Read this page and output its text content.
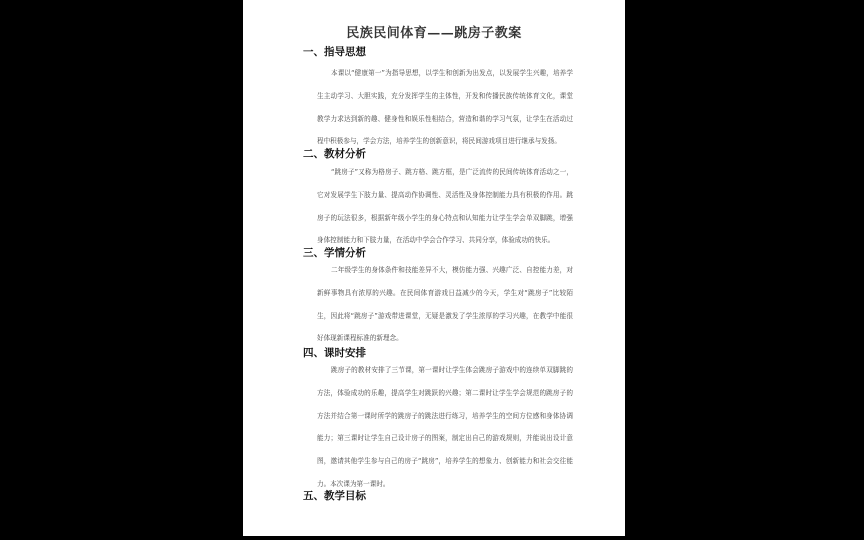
民族民间体育——跳房子教案
一、指导思想

本课以“健康第一”为指导思想，以学生和创新为出发点，以发展学生兴趣，培养学生主动学习、大胆实践，充分发挥学生的主体性，开发和传播民族传统体育文化，课堂教学力求达到新的趣、健身性和娱乐性相结合，营造和谐的学习气氛，让学生在活动过程中积极参与，学会方法，培养学生的创新意识，将民间游戏项目进行继承与发扬。

二、教材分析

“跳房子”又称为格房子、跳方格、跳方框，是广泛流传的民间传统体育活动之一，它对发展学生下肢力量、提高动作协调性、灵活性及身体控制能力具有积极的作用。跳房子的玩法很多，根据新年级小学生的身心特点和认知能力让学生学会单双脚跳，增强身体控制能力和下肢力量，在活动中学会合作学习、共同分享，体验成功的快乐。

三、学情分析

二年级学生的身体条件和技能差异不大，模仿能力强、兴趣广泛、自控能力差，对新鲜事物具有浓厚的兴趣。在民间体育游戏日益减少的今天，学生对“跳房子”比较陌生，因此将“跳房子”游戏带进课堂，无疑是激发了学生浓厚的学习兴趣，在教学中能很好体现新课程标准的新理念。

四、课时安排

跳房子的教材安排了三节课，第一课时让学生体会跳房子游戏中的连续单双脚跳的方法，体验成功的乐趣，提高学生对跳跃的兴趣；第二课时让学生学会规范的跳房子的方法并结合第一课时所学的跳房子的跳法进行练习，培养学生的空间方位感和身体协调能力；第三课时让学生自己设计房子的图案，制定出自己的游戏规则，并能说出设计意图，邀请其他学生参与自己的房子“跳房”，培养学生的想象力、创新能力和社会交往能力。本次课为第一课时。

五、教学目标
